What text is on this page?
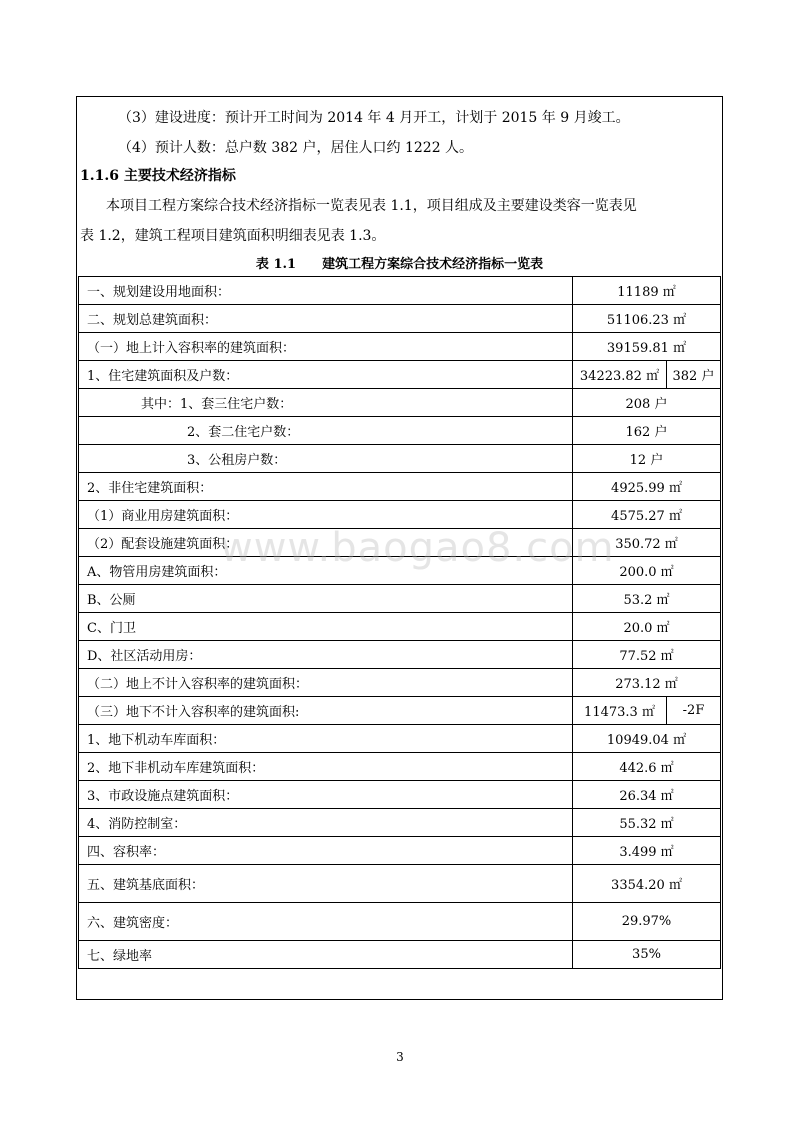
（3）建设进度：预计开工时间为 2014 年 4 月开工，计划于 2015 年 9 月竣工。
（4）预计人数：总户数 382 户，居住人口约 1222 人。
1.1.6 主要技术经济指标
本项目工程方案综合技术经济指标一览表见表 1.1，项目组成及主要建设类容一览表见
表 1.2，建筑工程项目建筑面积明细表见表 1.3。
表 1.1　　建筑工程方案综合技术经济指标一览表
一、规划建设用地面积：	11189 ㎡	
二、规划总建筑面积：	51106.23 ㎡	
（一）地上计入容积率的建筑面积：	39159.81 ㎡	
1、住宅建筑面积及户数：	34223.82 ㎡	382 户
其中：1、套三住宅户数：	208 户	
2、套二住宅户数：	162 户	
3、公租房户数：	12 户	
2、非住宅建筑面积：	4925.99 ㎡	
（1）商业用房建筑面积：	4575.27 ㎡	
（2）配套设施建筑面积：	350.72 ㎡	
A、物管用房建筑面积：	200.0 ㎡	
B、公厕	53.2 ㎡	
C、门卫	20.0 ㎡	
D、社区活动用房：	77.52 ㎡	
（二）地上不计入容积率的建筑面积：	273.12 ㎡	
（三）地下不计入容积率的建筑面积:	11473.3 ㎡	-2F
1、地下机动车库面积：	10949.04 ㎡	
2、地下非机动车库建筑面积：	442.6 ㎡	
3、市政设施点建筑面积：	26.34 ㎡	
4、消防控制室：	55.32 ㎡	
四、容积率：	3.499 ㎡	
五、建筑基底面积：	3354.20 ㎡	
六、建筑密度：	29.97%	
七、绿地率	35%	
www.baogao8.com
3
